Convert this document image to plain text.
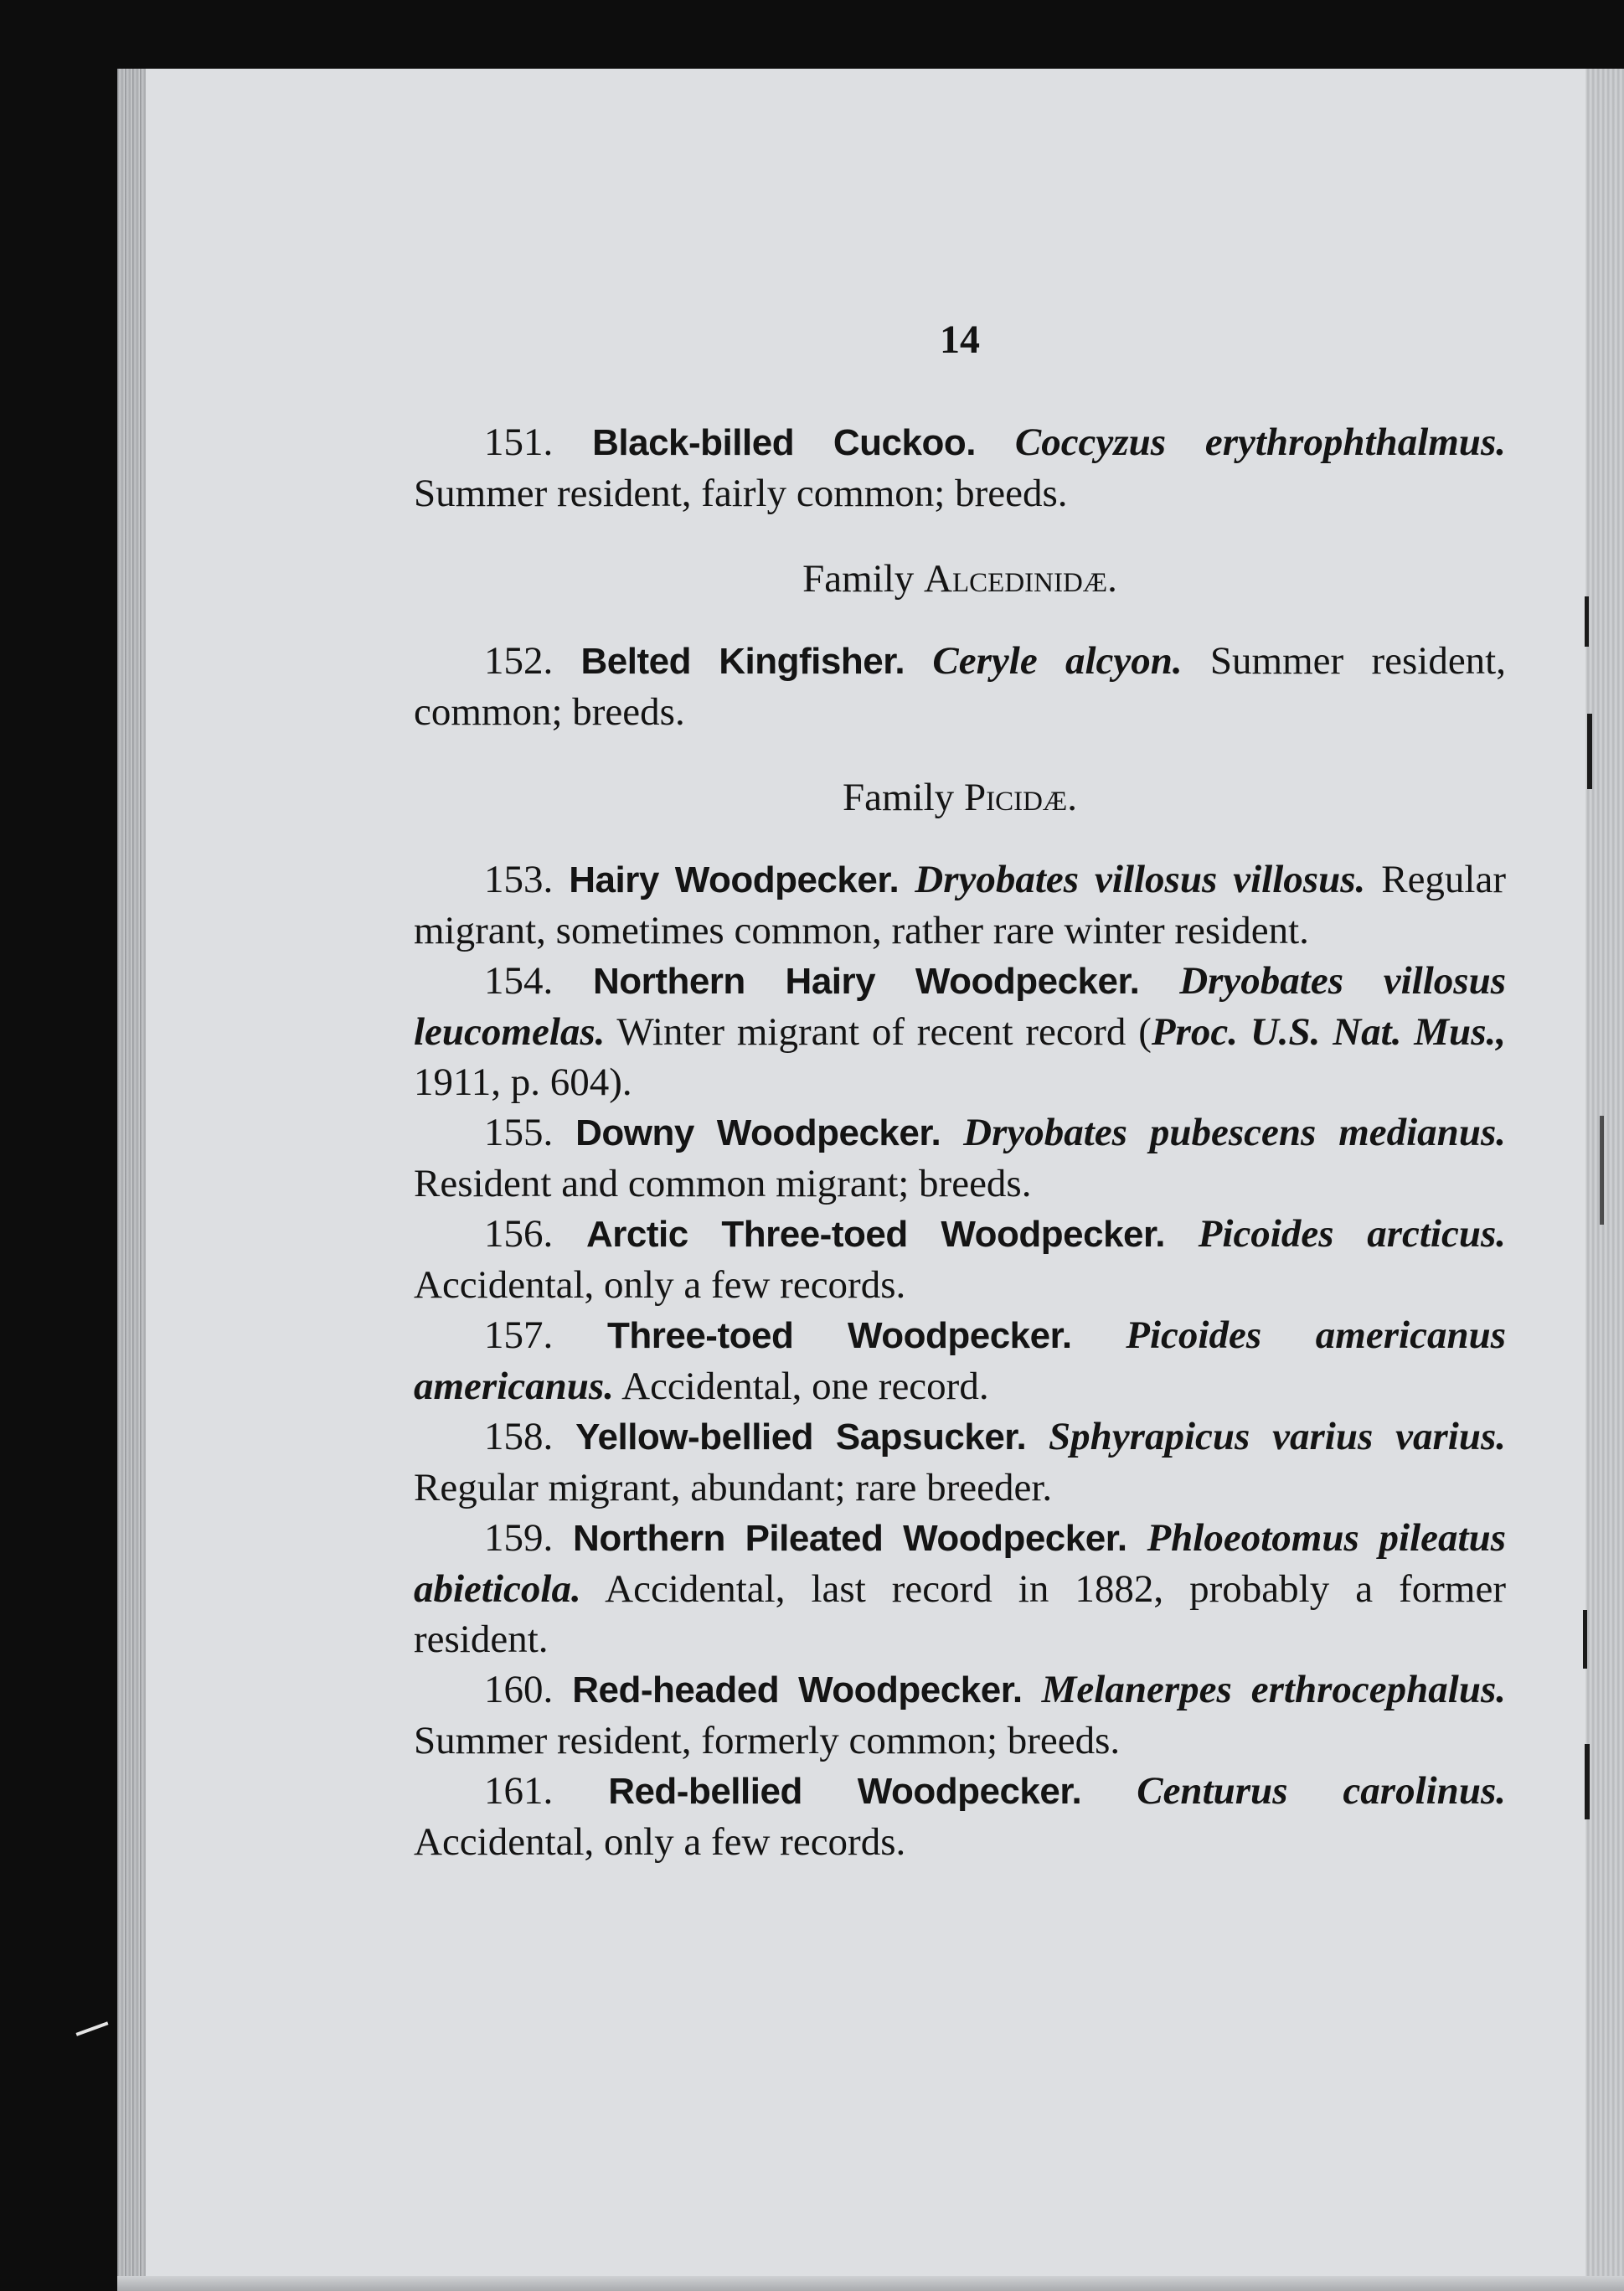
14

151. Black-billed Cuckoo. Coccyzus erythrophthalmus. Summer resident, fairly common; breeds.

Family Alcedinidæ.

152. Belted Kingfisher. Ceryle alcyon. Summer resident, common; breeds.

Family Picidæ.

153. Hairy Woodpecker. Dryobates villosus villosus. Regular migrant, sometimes common, rather rare winter resident.

154. Northern Hairy Woodpecker. Dryobates villosus leucomelas. Winter migrant of recent record (Proc. U.S. Nat. Mus., 1911, p. 604).

155. Downy Woodpecker. Dryobates pubescens medianus. Resident and common migrant; breeds.

156. Arctic Three-toed Woodpecker. Picoides arcticus. Accidental, only a few records.

157. Three-toed Woodpecker. Picoides americanus americanus. Accidental, one record.

158. Yellow-bellied Sapsucker. Sphyrapicus varius varius. Regular migrant, abundant; rare breeder.

159. Northern Pileated Woodpecker. Phloeotomus pileatus abieticola. Accidental, last record in 1882, probably a former resident.

160. Red-headed Woodpecker. Melanerpes erthrocephalus. Summer resident, formerly common; breeds.

161. Red-bellied Woodpecker. Centurus carolinus. Accidental, only a few records.
